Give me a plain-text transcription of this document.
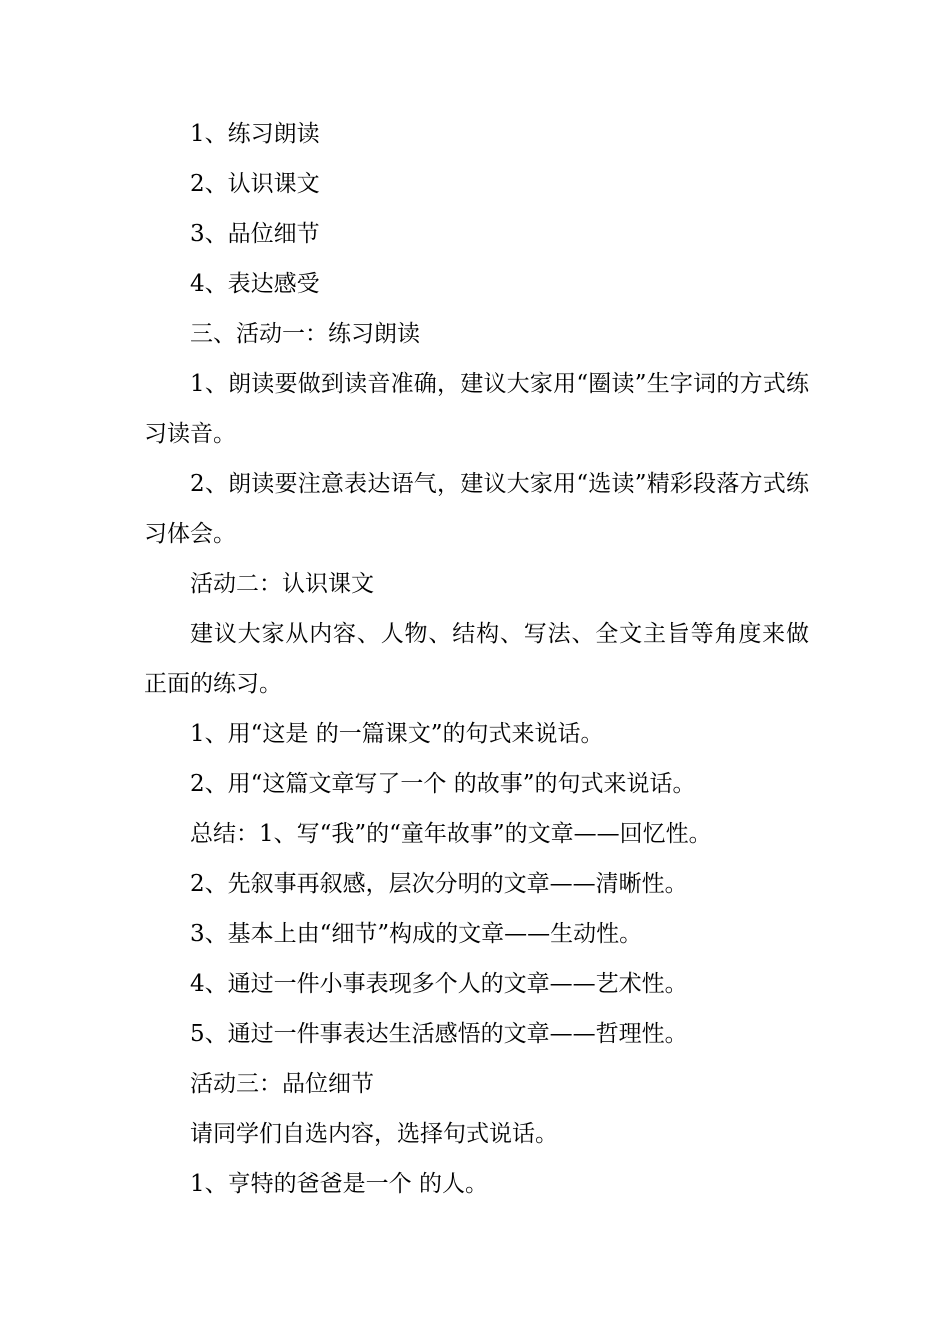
1、练习朗读

2、认识课文

3、品位细节

4、表达感受

三、活动一：练习朗读

1、朗读要做到读音准确，建议大家用“圈读”生字词的方式练习读音。

2、朗读要注意表达语气，建议大家用“选读”精彩段落方式练习体会。

活动二：认识课文

建议大家从内容、人物、结构、写法、全文主旨等角度来做正面的练习。

1、用“这是 的一篇课文”的句式来说话。

2、用“这篇文章写了一个 的故事”的句式来说话。

总结：1、写“我”的“童年故事”的文章——回忆性。

2、先叙事再叙感，层次分明的文章——清晰性。

3、基本上由“细节”构成的文章——生动性。

4、通过一件小事表现多个人的文章——艺术性。

5、通过一件事表达生活感悟的文章——哲理性。

活动三：品位细节

请同学们自选内容，选择句式说话。

1、亨特的爸爸是一个 的人。
